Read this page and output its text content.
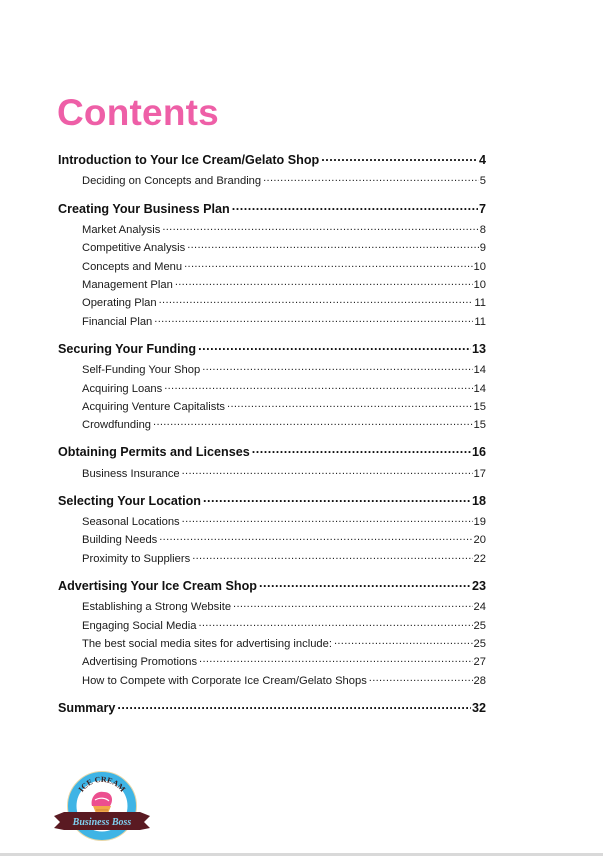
Contents
Introduction to Your Ice Cream/Gelato Shop .....	4
Deciding on Concepts and Branding .....	5
Creating Your Business Plan .....	7
Market Analysis .....	8
Competitive Analysis .....	9
Concepts and Menu .....	10
Management Plan .....	10
Operating Plan .....	11
Financial Plan .....	11
Securing Your Funding .....	13
Self-Funding Your Shop .....	14
Acquiring Loans .....	14
Acquiring Venture Capitalists .....	15
Crowdfunding .....	15
Obtaining Permits and Licenses .....	16
Business Insurance .....	17
Selecting Your Location .....	18
Seasonal Locations .....	19
Building Needs .....	20
Proximity to Suppliers .....	22
Advertising Your Ice Cream Shop .....	23
Establishing a Strong Website .....	24
Engaging Social Media .....	25
The best social media sites for advertising include: .....	25
Advertising Promotions .....	27
How to Compete with Corporate Ice Cream/Gelato Shops .....	28
Summary .....	32
ICE CREAM
Business Boss
